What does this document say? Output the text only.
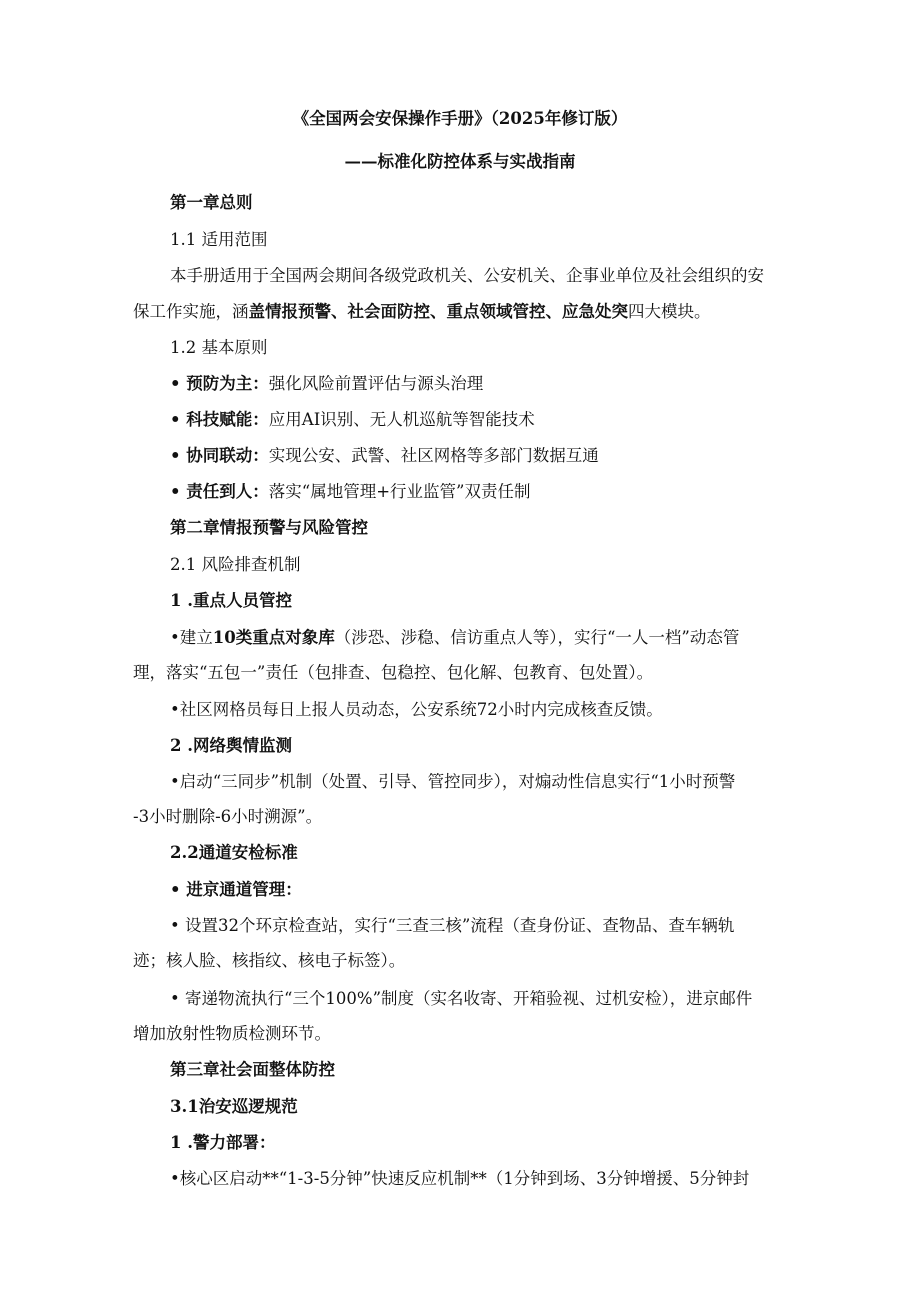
《全国两会安保操作手册》（2025年修订版）
——标准化防控体系与实战指南
第一章总则
1.1 适用范围
本手册适用于全国两会期间各级党政机关、公安机关、企事业单位及社会组织的安
保工作实施，涵盖情报预警、社会面防控、重点领域管控、应急处突四大模块。
1.2 基本原则
• 预防为主：强化风险前置评估与源头治理
• 科技赋能：应用AI识别、无人机巡航等智能技术
• 协同联动：实现公安、武警、社区网格等多部门数据互通
• 责任到人：落实“属地管理+行业监管”双责任制
第二章情报预警与风险管控
2.1 风险排查机制
1 .重点人员管控
•建立10类重点对象库（涉恐、涉稳、信访重点人等），实行“一人一档”动态管
理，落实“五包一”责任（包排查、包稳控、包化解、包教育、包处置）。
•社区网格员每日上报人员动态，公安系统72小时内完成核查反馈。
2 .网络舆情监测
•启动“三同步”机制（处置、引导、管控同步），对煽动性信息实行“1小时预警
-3小时删除-6小时溯源”。
2.2通道安检标准
• 进京通道管理：
• 设置32个环京检查站，实行“三查三核”流程（查身份证、查物品、查车辆轨
迹；核人脸、核指纹、核电子标签）。
• 寄递物流执行“三个100%”制度（实名收寄、开箱验视、过机安检），进京邮件
增加放射性物质检测环节。
第三章社会面整体防控
3.1治安巡逻规范
1 .警力部署：
•核心区启动**“1-3-5分钟”快速反应机制**（1分钟到场、3分钟增援、5分钟封
